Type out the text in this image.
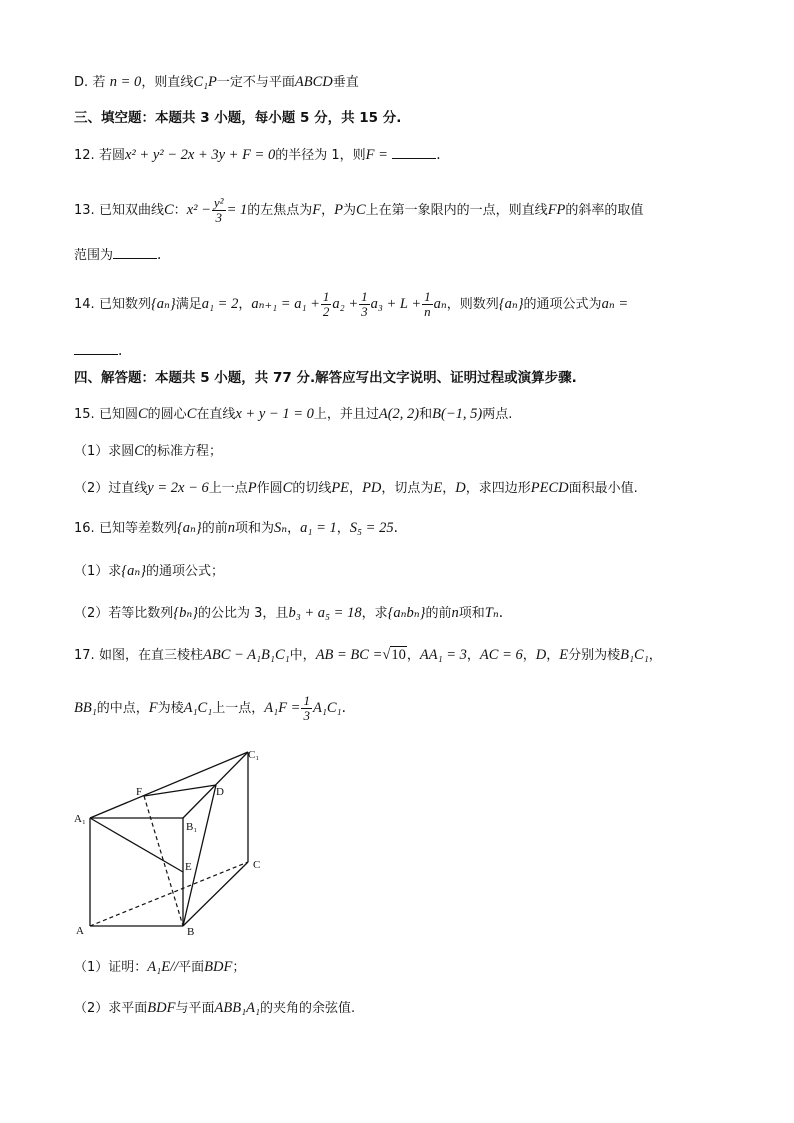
D. 若 n = 0，则直线C₁P一定不与平面ABCD垂直
三、填空题：本题共 3 小题，每小题 5 分，共 15 分.
12. 若圆x² + y² − 2x + 3y + F = 0的半径为 1，则F =	.
13. 已知双曲线C：$x^2 - \frac{\text{y²}}{3} = 1$的左焦点为F，P为C上在第一象限内的一点，则直线FP的斜率的取值
范围为	.
14. 已知数列{aₙ}满足a₁ = 2，$a_{n+1} = a_1 + \frac{1}{2} a_2 + \frac{1}{3} a_3 + L + \frac{1}{n}$ aₙ，则数列{aₙ}的通项公式为aₙ =
.
四、解答题：本题共 5 小题，共 77 分.解答应写出文字说明、证明过程或演算步骤.
15. 已知圆C的圆心C在直线x + y − 1 = 0上，并且过A(2, 2)和B(−1, 5)两点.
（1）求圆C的标准方程；
（2）过直线y = 2x − 6上一点P作圆C的切线PE，PD，切点为E，D，求四边形PECD面积最小值.
16. 已知等差数列{aₙ}的前n项和为Sₙ，a₁ = 1，S₅ = 25.
（1）求{aₙ}的通项公式；
（2）若等比数列{bₙ}的公比为 3，且b₃ + a₅ = 18，求{aₙbₙ}的前n项和Tₙ.
17. 如图，在直三棱柱ABC − A₁B₁C₁中，AB = BC =√10，AA₁ = 3，AC = 6，D，E分别为棱B₁C₁，
BB₁的中点，F为棱A₁C₁上一点，$A_1F = \frac{1}{3} A_1C_1$.
A₁
A	B
B₁
C
C₁
D
E
F
（1）证明：A₁E//平面BDF；
（2）求平面BDF与平面ABB₁A₁的夹角的余弦值.
